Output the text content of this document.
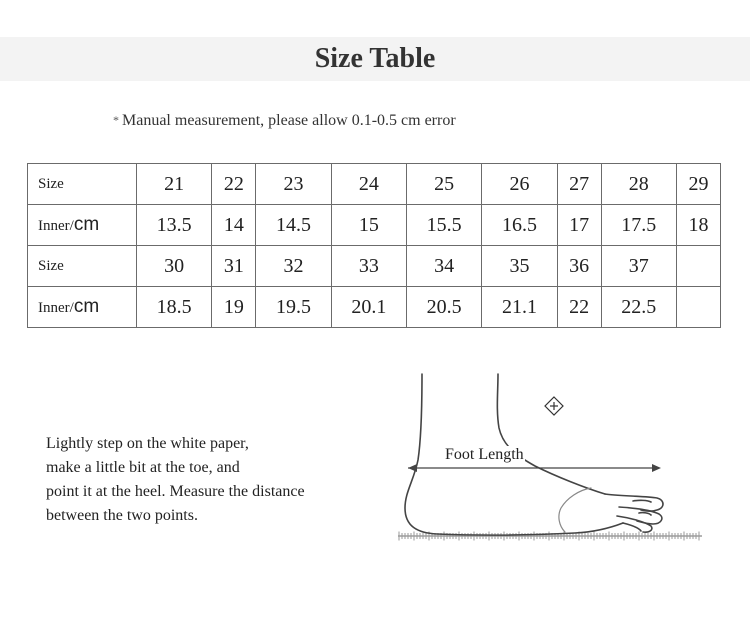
Size Table
* Manual measurement, please allow 0.1-0.5 cm error
Size	21	22	23	24	25	26	27	28	29
Inner/cm	13.5	14	14.5	15	15.5	16.5	17	17.5	18
Size	30	31	32	33	34	35	36	37	
Inner/cm	18.5	19	19.5	20.1	20.5	21.1	22	22.5	
Lightly step on the white paper,
make a little bit at the toe, and
point it at the heel. Measure the distance
between the two points.
Foot Length
